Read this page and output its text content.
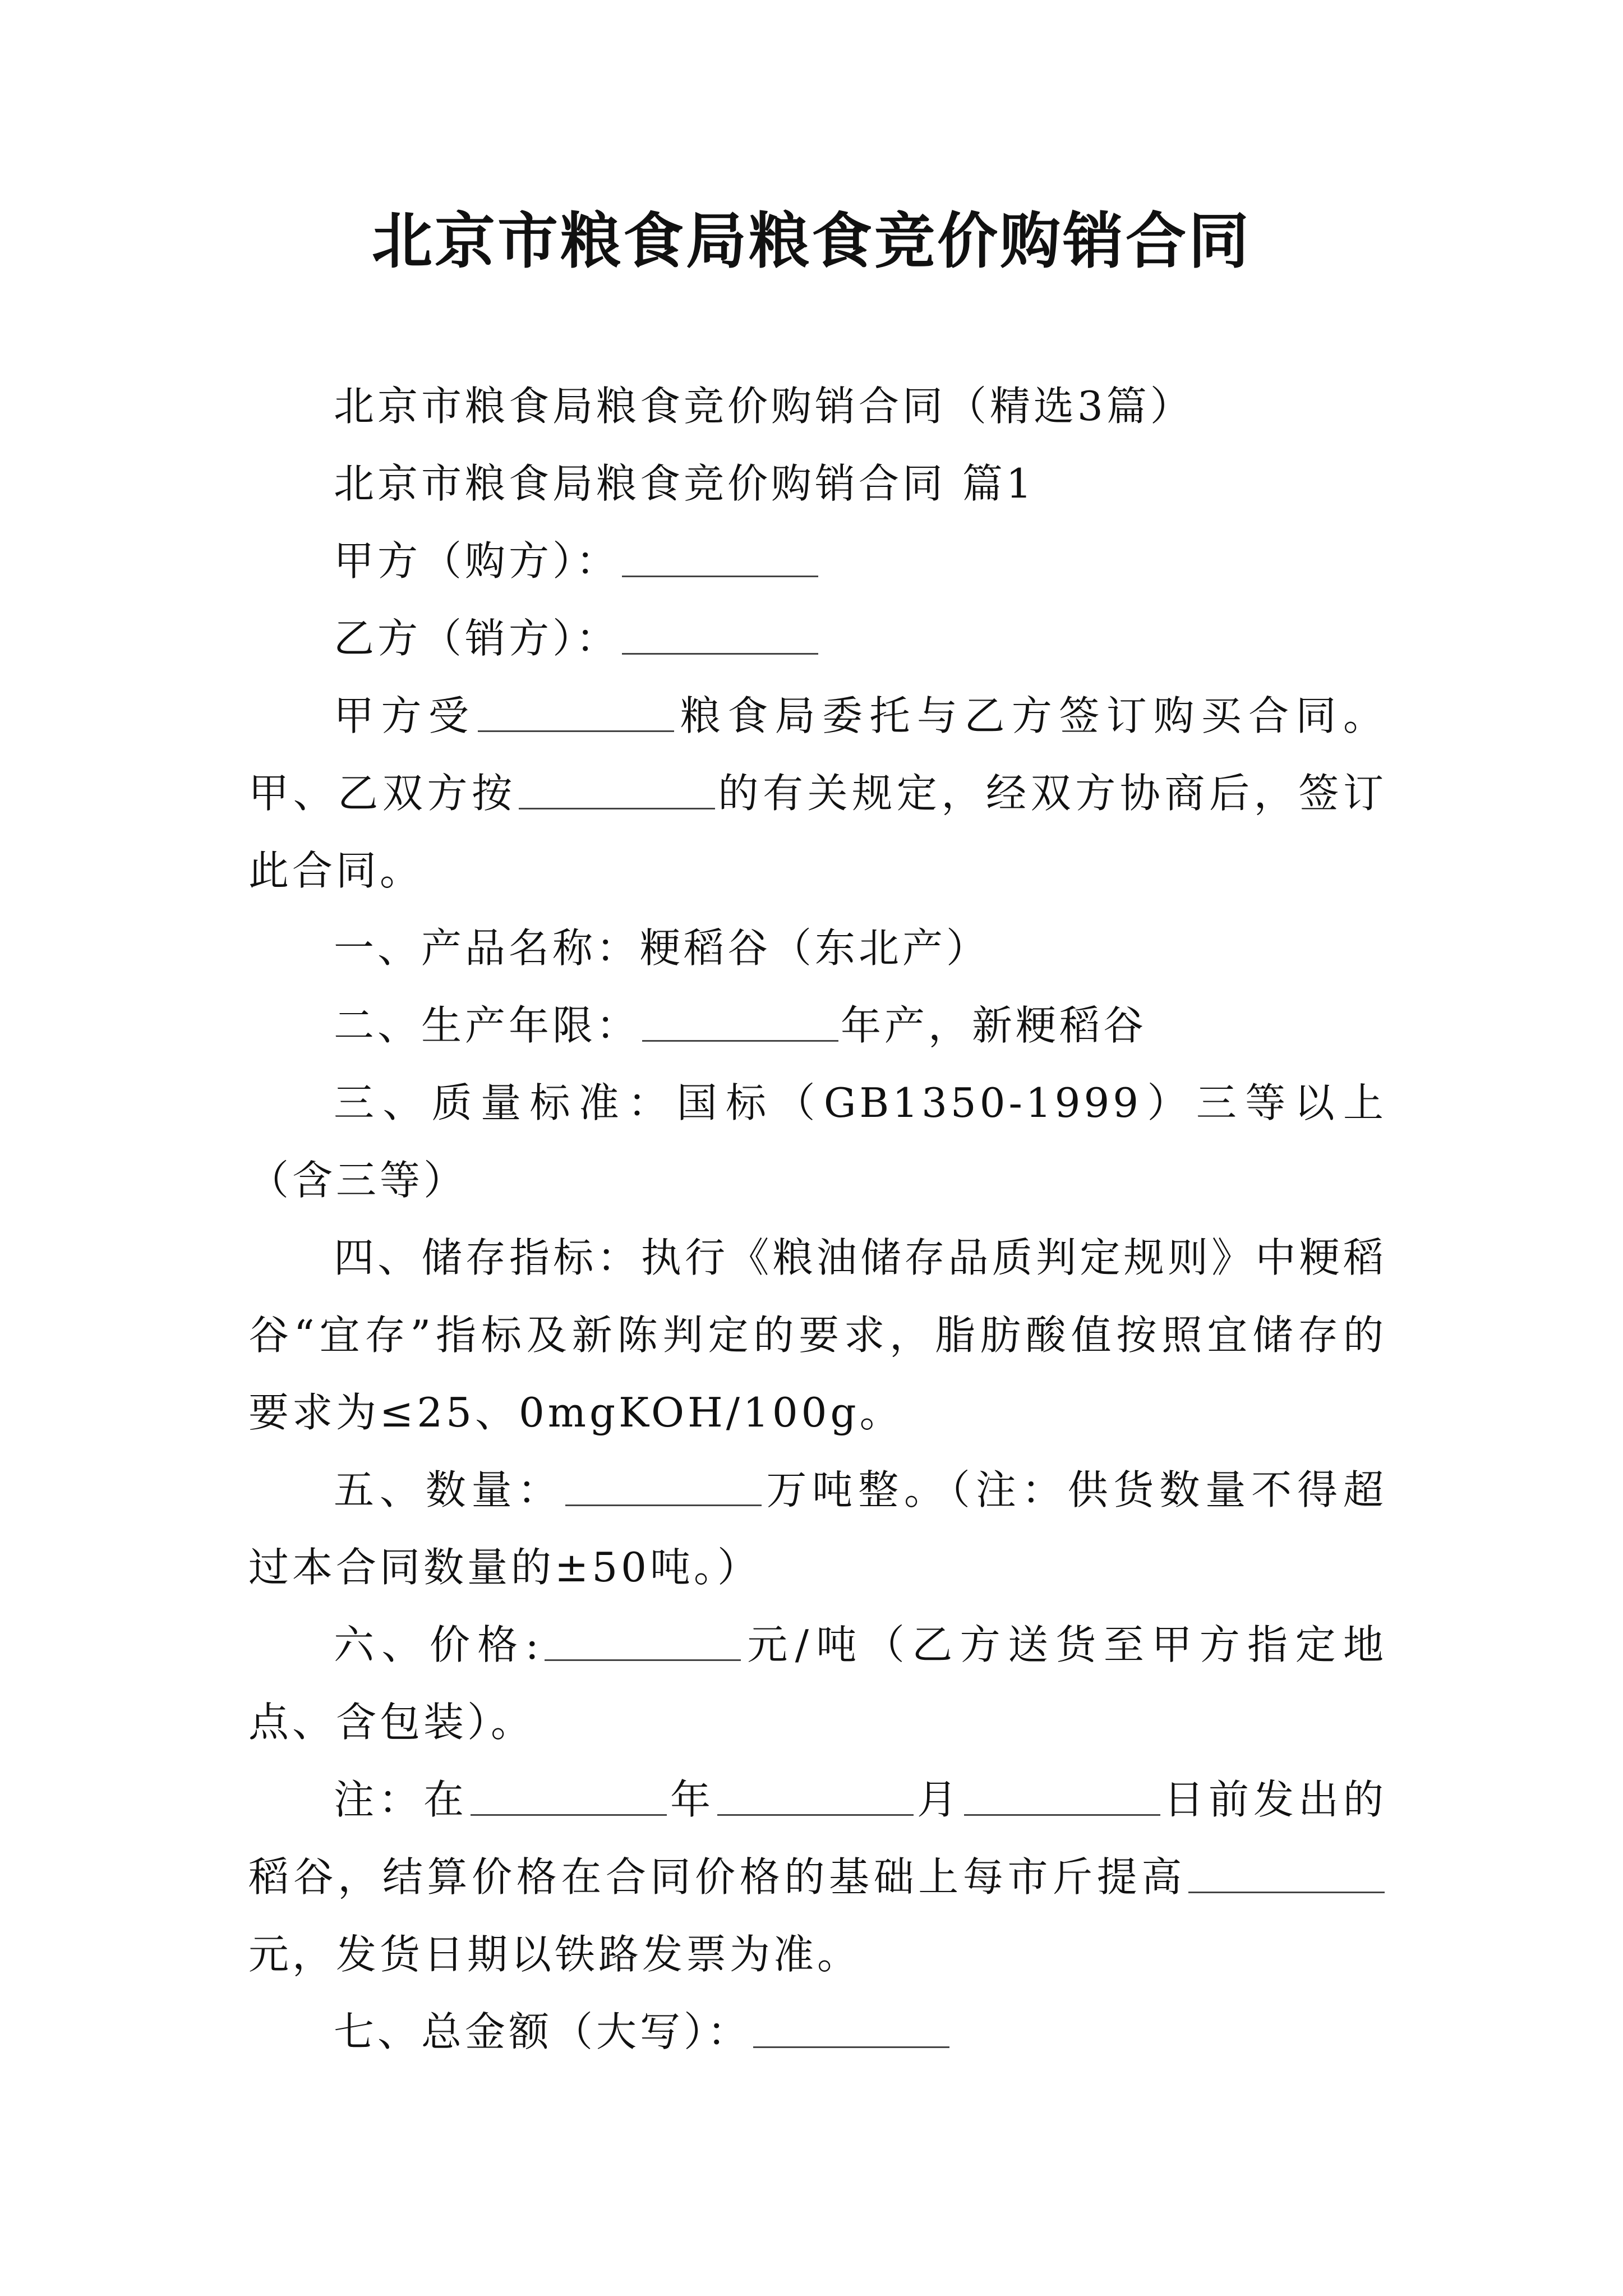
北京市粮食局粮食竞价购销合同

北京市粮食局粮食竞价购销合同（精选3篇）

北京市粮食局粮食竞价购销合同 篇1

甲方（购方）：

乙方（销方）：

甲方受	粮食局委托与乙方签订购买合同。甲、乙双方按	的有关规定，经双方协商后，签订此合同。

一、产品名称：粳稻谷（东北产）

二、生产年限：	年产，新粳稻谷

三、质量标准：国标（GB1350-1999）三等以上（含三等）

四、储存指标：执行《粮油储存品质判定规则》中粳稻谷“宜存”指标及新陈判定的要求，脂肪酸值按照宜储存的要求为≤25、0mgKOH/100g。

五、数量：	万吨整。（注：供货数量不得超过本合同数量的±50吨。）

六、价格:	元/吨（乙方送货至甲方指定地点、含包装）。

注：在	年	月	日前发出的稻谷，结算价格在合同价格的基础上每市斤提高元，发货日期以铁路发票为准。

七、总金额（大写）：
